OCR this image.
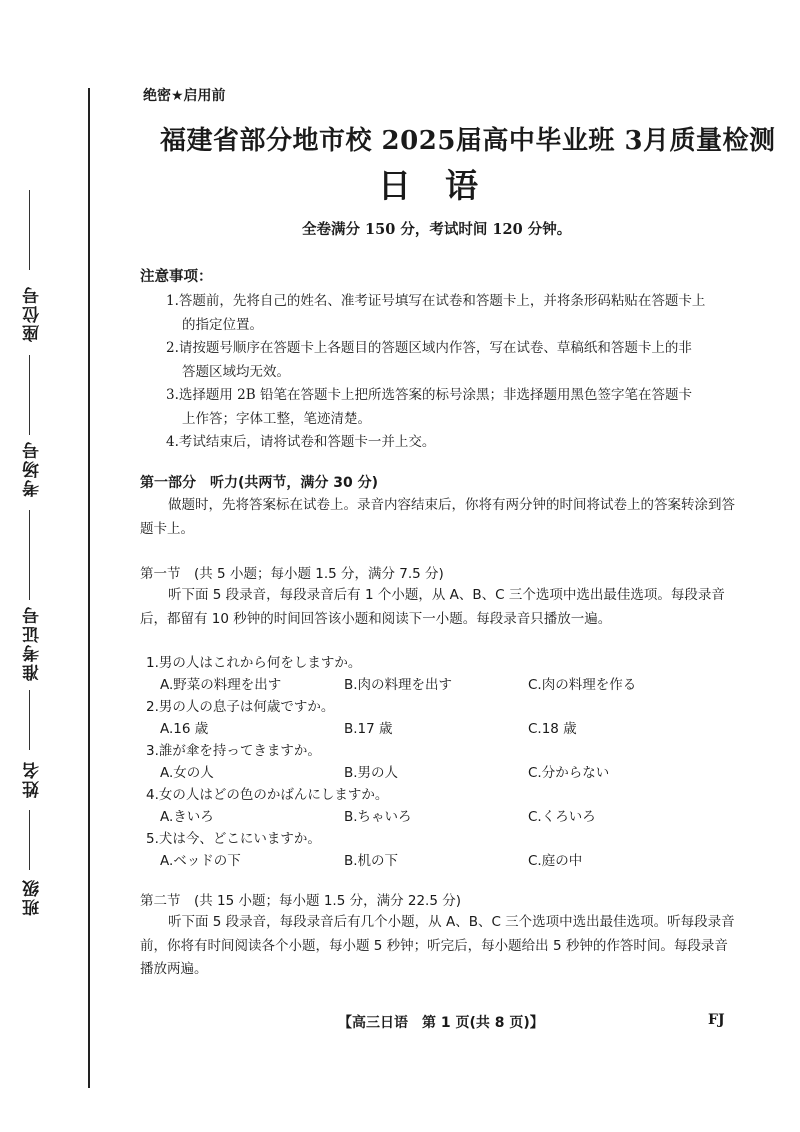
座位号
考场号
准考证号
姓名
班级
绝密★启用前
福建省部分地市校 2025届高中毕业班 3月质量检测
日语
全卷满分 150 分，考试时间 120 分钟。
注意事项：
1.答题前，先将自己的姓名、准考证号填写在试卷和答题卡上，并将条形码粘贴在答题卡上
的指定位置。
2.请按题号顺序在答题卡上各题目的答题区域内作答，写在试卷、草稿纸和答题卡上的非
答题区域均无效。
3.选择题用 2B 铅笔在答题卡上把所选答案的标号涂黑；非选择题用黑色签字笔在答题卡
上作答；字体工整，笔迹清楚。
4.考试结束后，请将试卷和答题卡一并上交。
第一部分　听力(共两节，满分 30 分)
做题时，先将答案标在试卷上。录音内容结束后，你将有两分钟的时间将试卷上的答案转涂到答题卡上。
第一节　(共 5 小题；每小题 1.5 分，满分 7.5 分)
听下面 5 段录音，每段录音后有 1 个小题，从 A、B、C 三个选项中选出最佳选项。每段录音后，都留有 10 秒钟的时间回答该小题和阅读下一小题。每段录音只播放一遍。
1.男の人はこれから何をしますか。
A.野菜の料理を出す	B.肉の料理を出す	C.肉の料理を作る
2.男の人の息子は何歳ですか。
A.16 歳	B.17 歳	C.18 歳
3.誰が傘を持ってきますか。
A.女の人	B.男の人	C.分からない
4.女の人はどの色のかばんにしますか。
A.きいろ	B.ちゃいろ	C.くろいろ
5.犬は今、どこにいますか。
A.ベッドの下	B.机の下	C.庭の中
第二节　(共 15 小题；每小题 1.5 分，满分 22.5 分)
听下面 5 段录音，每段录音后有几个小题，从 A、B、C 三个选项中选出最佳选项。听每段录音前，你将有时间阅读各个小题，每小题 5 秒钟；听完后，每小题给出 5 秒钟的作答时间。每段录音播放两遍。
【高三日语　第 1 页(共 8 页)】	FJ
